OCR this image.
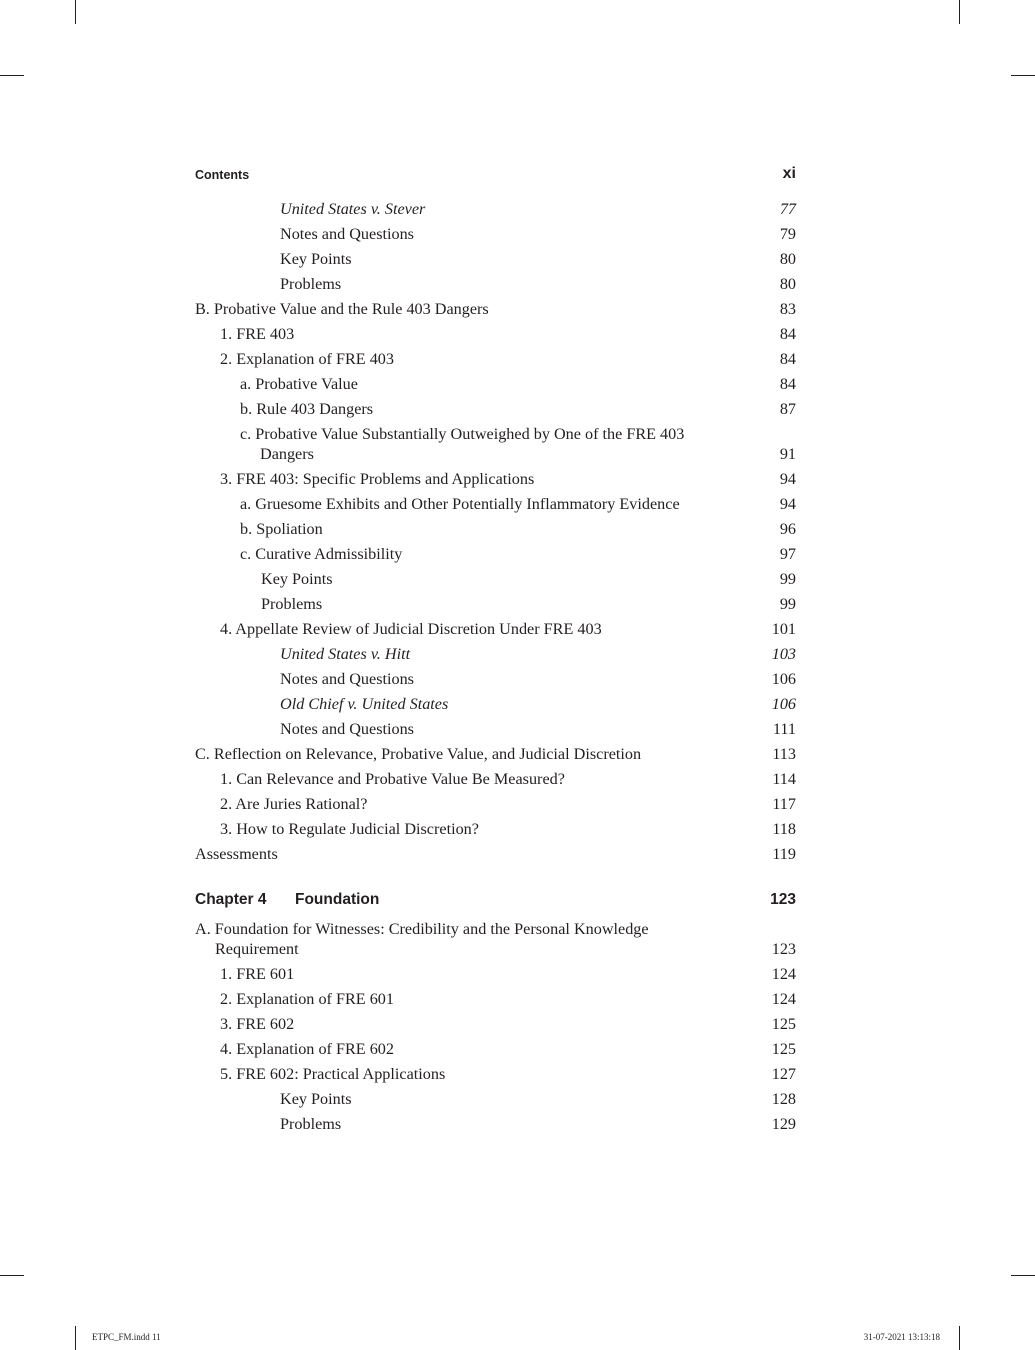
Contents	xi
United States v. Stever	77
Notes and Questions	79
Key Points	80
Problems	80
B. Probative Value and the Rule 403 Dangers	83
1. FRE 403	84
2. Explanation of FRE 403	84
a. Probative Value	84
b. Rule 403 Dangers	87
c. Probative Value Substantially Outweighed by One of the FRE 403 Dangers	91
3. FRE 403: Specific Problems and Applications	94
a. Gruesome Exhibits and Other Potentially Inflammatory Evidence	94
b. Spoliation	96
c. Curative Admissibility	97
Key Points	99
Problems	99
4. Appellate Review of Judicial Discretion Under FRE 403	101
United States v. Hitt	103
Notes and Questions	106
Old Chief v. United States	106
Notes and Questions	111
C. Reflection on Relevance, Probative Value, and Judicial Discretion	113
1. Can Relevance and Probative Value Be Measured?	114
2. Are Juries Rational?	117
3. How to Regulate Judicial Discretion?	118
Assessments	119
Chapter 4 Foundation	123
A. Foundation for Witnesses: Credibility and the Personal Knowledge Requirement	123
1. FRE 601	124
2. Explanation of FRE 601	124
3. FRE 602	125
4. Explanation of FRE 602	125
5. FRE 602: Practical Applications	127
Key Points	128
Problems	129
ETPC_FM.indd 11	31-07-2021 13:13:18
